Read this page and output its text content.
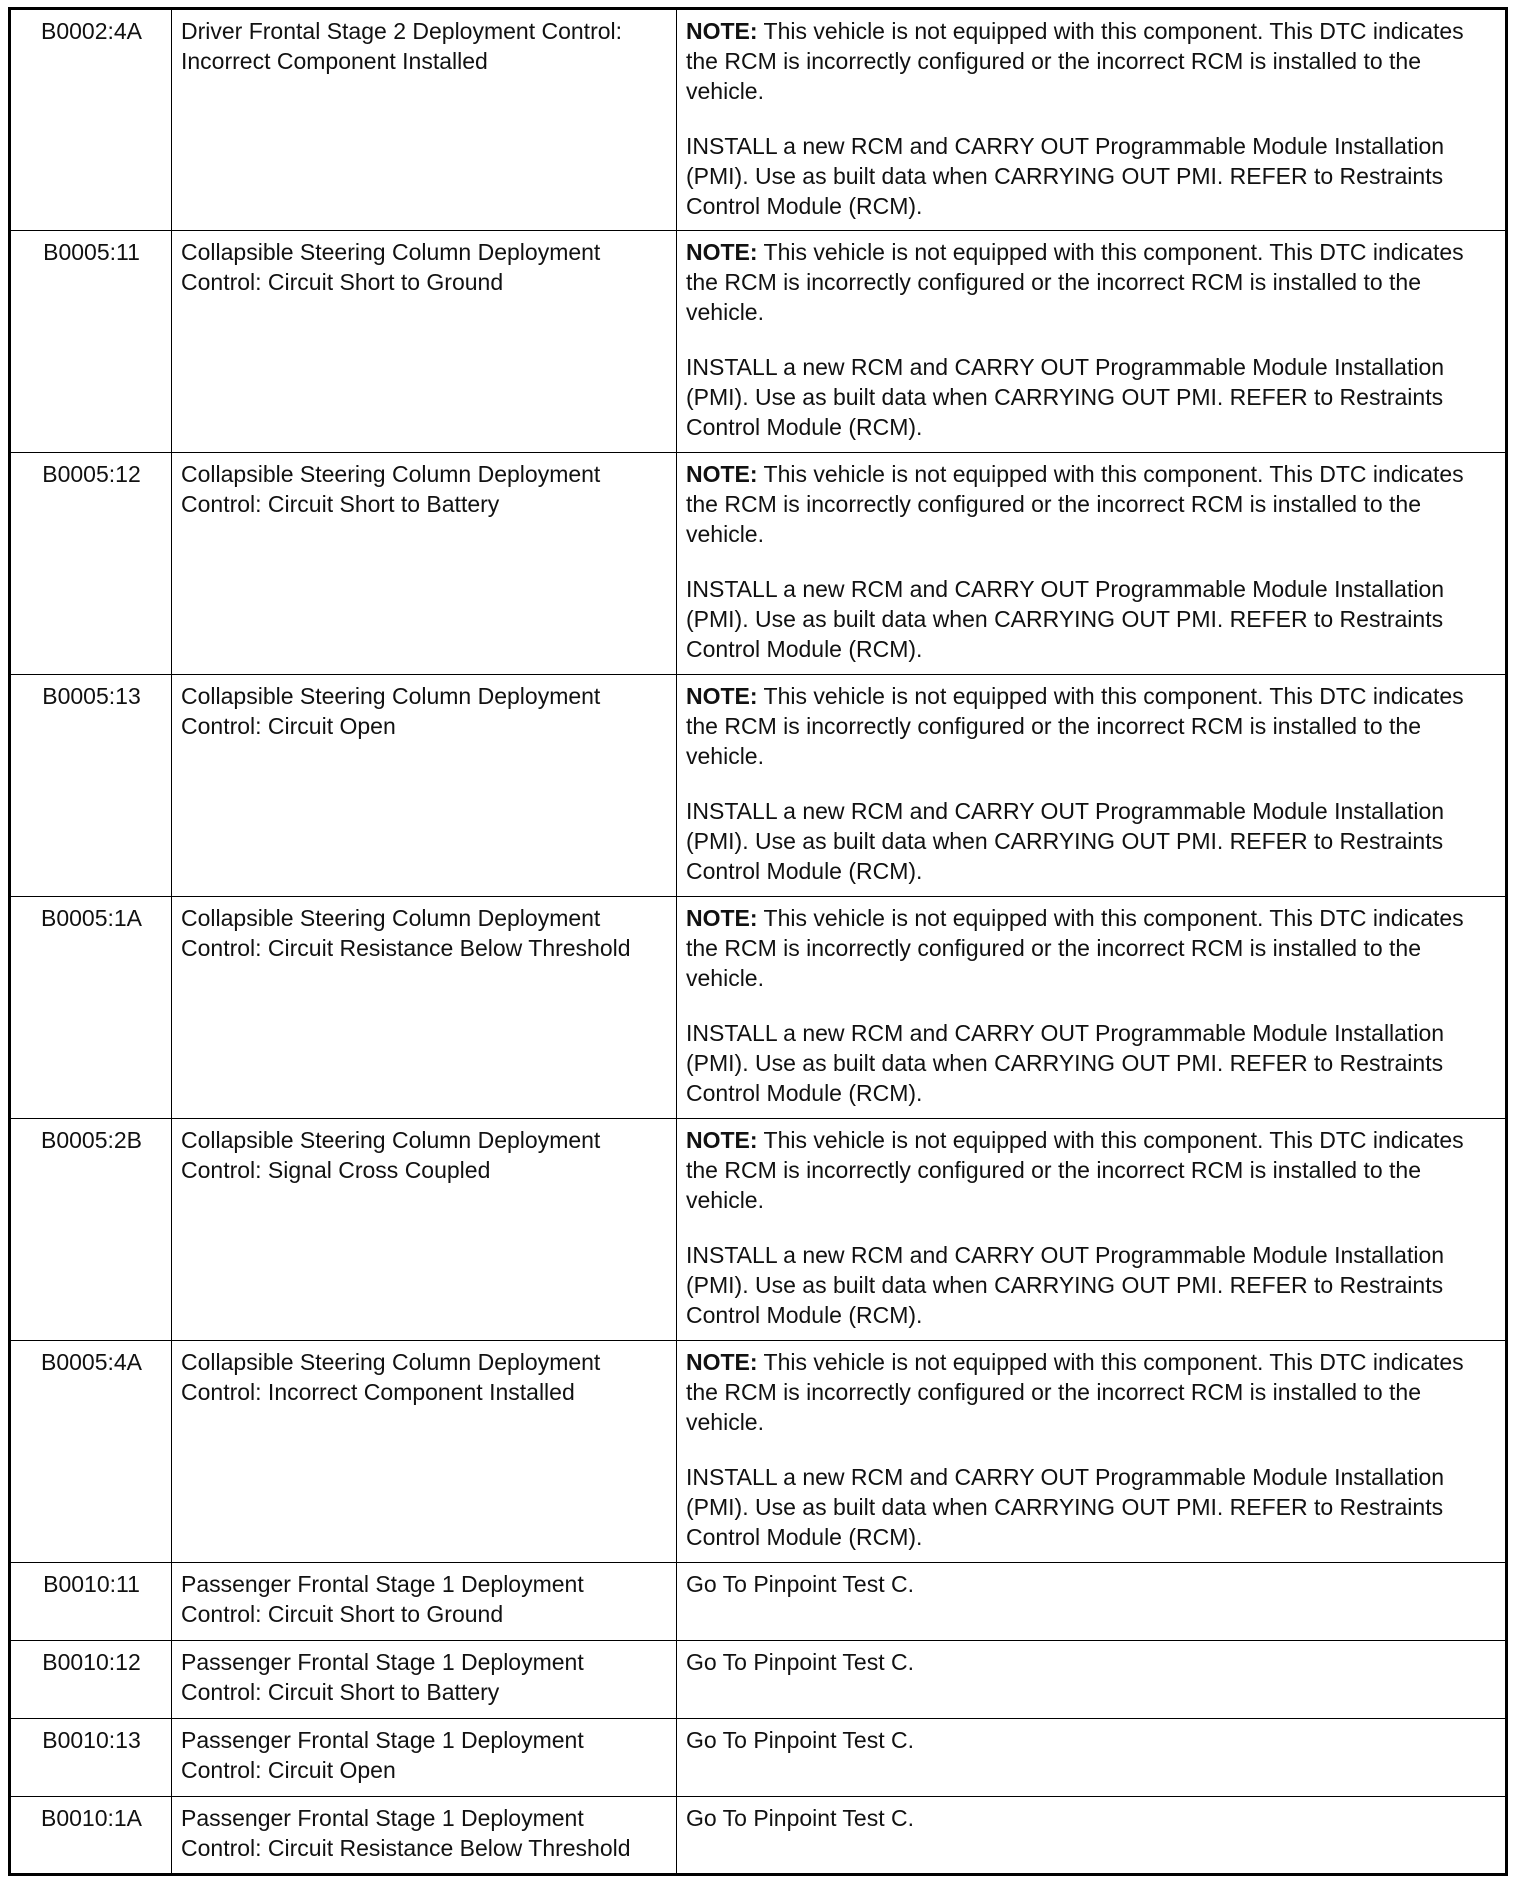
B0002:4A	Driver Frontal Stage 2 Deployment Control: Incorrect Component Installed	NOTE: This vehicle is not equipped with this component. This DTC indicates the RCM is incorrectly configured or the incorrect RCM is installed to the vehicle.

INSTALL a new RCM and CARRY OUT Programmable Module Installation (PMI). Use as built data when CARRYING OUT PMI. REFER to Restraints Control Module (RCM).

B0005:11	Collapsible Steering Column Deployment Control: Circuit Short to Ground	NOTE: This vehicle is not equipped with this component. This DTC indicates the RCM is incorrectly configured or the incorrect RCM is installed to the vehicle.

INSTALL a new RCM and CARRY OUT Programmable Module Installation (PMI). Use as built data when CARRYING OUT PMI. REFER to Restraints Control Module (RCM).

B0005:12	Collapsible Steering Column Deployment Control: Circuit Short to Battery	NOTE: This vehicle is not equipped with this component. This DTC indicates the RCM is incorrectly configured or the incorrect RCM is installed to the vehicle.

INSTALL a new RCM and CARRY OUT Programmable Module Installation (PMI). Use as built data when CARRYING OUT PMI. REFER to Restraints Control Module (RCM).

B0005:13	Collapsible Steering Column Deployment Control: Circuit Open	NOTE: This vehicle is not equipped with this component. This DTC indicates the RCM is incorrectly configured or the incorrect RCM is installed to the vehicle.

INSTALL a new RCM and CARRY OUT Programmable Module Installation (PMI). Use as built data when CARRYING OUT PMI. REFER to Restraints Control Module (RCM).

B0005:1A	Collapsible Steering Column Deployment Control: Circuit Resistance Below Threshold	NOTE: This vehicle is not equipped with this component. This DTC indicates the RCM is incorrectly configured or the incorrect RCM is installed to the vehicle.

INSTALL a new RCM and CARRY OUT Programmable Module Installation (PMI). Use as built data when CARRYING OUT PMI. REFER to Restraints Control Module (RCM).

B0005:2B	Collapsible Steering Column Deployment Control: Signal Cross Coupled	NOTE: This vehicle is not equipped with this component. This DTC indicates the RCM is incorrectly configured or the incorrect RCM is installed to the vehicle.

INSTALL a new RCM and CARRY OUT Programmable Module Installation (PMI). Use as built data when CARRYING OUT PMI. REFER to Restraints Control Module (RCM).

B0005:4A	Collapsible Steering Column Deployment Control: Incorrect Component Installed	NOTE: This vehicle is not equipped with this component. This DTC indicates the RCM is incorrectly configured or the incorrect RCM is installed to the vehicle.

INSTALL a new RCM and CARRY OUT Programmable Module Installation (PMI). Use as built data when CARRYING OUT PMI. REFER to Restraints Control Module (RCM).

B0010:11	Passenger Frontal Stage 1 Deployment Control: Circuit Short to Ground	Go To Pinpoint Test C.
B0010:12	Passenger Frontal Stage 1 Deployment Control: Circuit Short to Battery	Go To Pinpoint Test C.
B0010:13	Passenger Frontal Stage 1 Deployment Control: Circuit Open	Go To Pinpoint Test C.
B0010:1A	Passenger Frontal Stage 1 Deployment Control: Circuit Resistance Below Threshold	Go To Pinpoint Test C.
